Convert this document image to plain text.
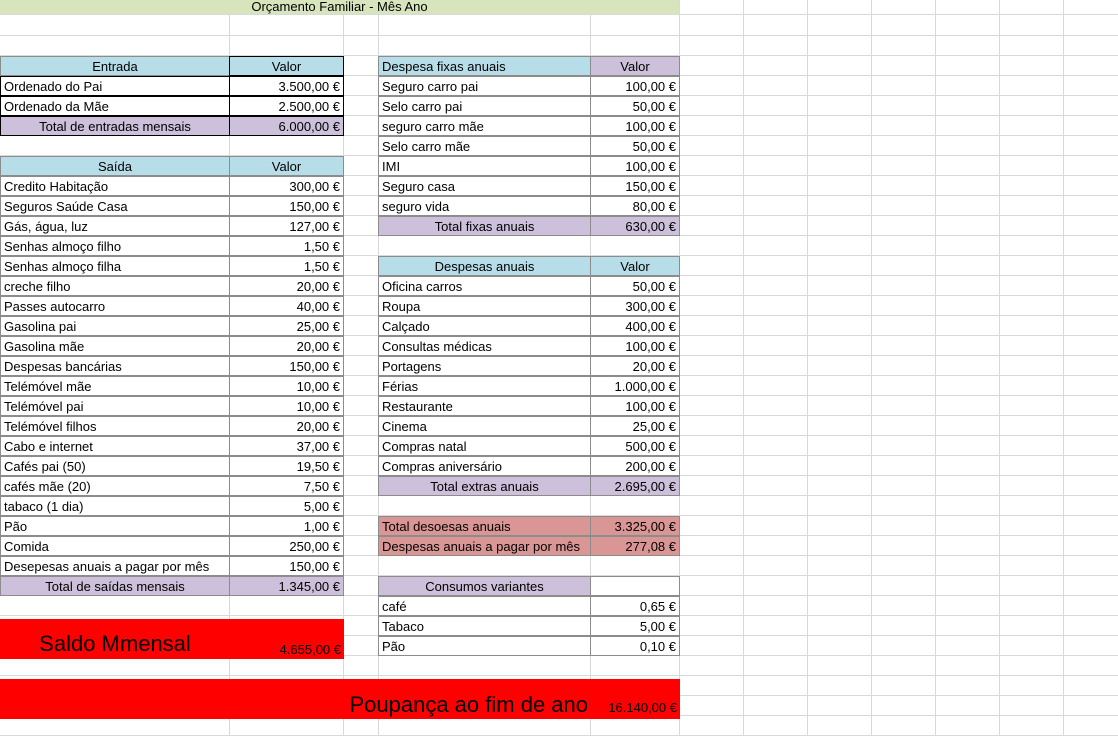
Orçamento Familiar - Mês Ano
Entrada	Valor
Ordenado do Pai	3.500,00 €
Ordenado da Mãe	2.500,00 €
Total de entradas mensais	6.000,00 €
Saída	Valor
Credito Habitação	300,00 €
Seguros Saúde Casa	150,00 €
Gás, água, luz	127,00 €
Senhas almoço filho	1,50 €
Senhas almoço filha	1,50 €
creche filho	20,00 €
Passes autocarro	40,00 €
Gasolina pai	25,00 €
Gasolina mãe	20,00 €
Despesas bancárias	150,00 €
Telémóvel mãe	10,00 €
Telémóvel pai	10,00 €
Telémóvel filhos	20,00 €
Cabo e internet	37,00 €
Cafés pai (50)	19,50 €
cafés mãe (20)	7,50 €
tabaco (1 dia)	5,00 €
Pão	1,00 €
Comida	250,00 €
Desepesas anuais a pagar por mês	150,00 €
Total de saídas mensais	1.345,00 €
Saldo Mmensal	4.655,00 €
Poupança ao fim de ano	16.140,00 €
Despesa fixas anuais	Valor
Seguro carro pai	100,00 €
Selo carro pai	50,00 €
seguro carro mãe	100,00 €
Selo carro mãe	50,00 €
IMI	100,00 €
Seguro casa	150,00 €
seguro vida	80,00 €
Total fixas anuais	630,00 €
Despesas anuais	Valor
Oficina carros	50,00 €
Roupa	300,00 €
Calçado	400,00 €
Consultas médicas	100,00 €
Portagens	20,00 €
Férias	1.000,00 €
Restaurante	100,00 €
Cinema	25,00 €
Compras natal	500,00 €
Compras aniversário	200,00 €
Total extras anuais	2.695,00 €
Total desoesas anuais	3.325,00 €
Despesas anuais a pagar por mês	277,08 €
Consumos variantes
café	0,65 €
Tabaco	5,00 €
Pão	0,10 €
